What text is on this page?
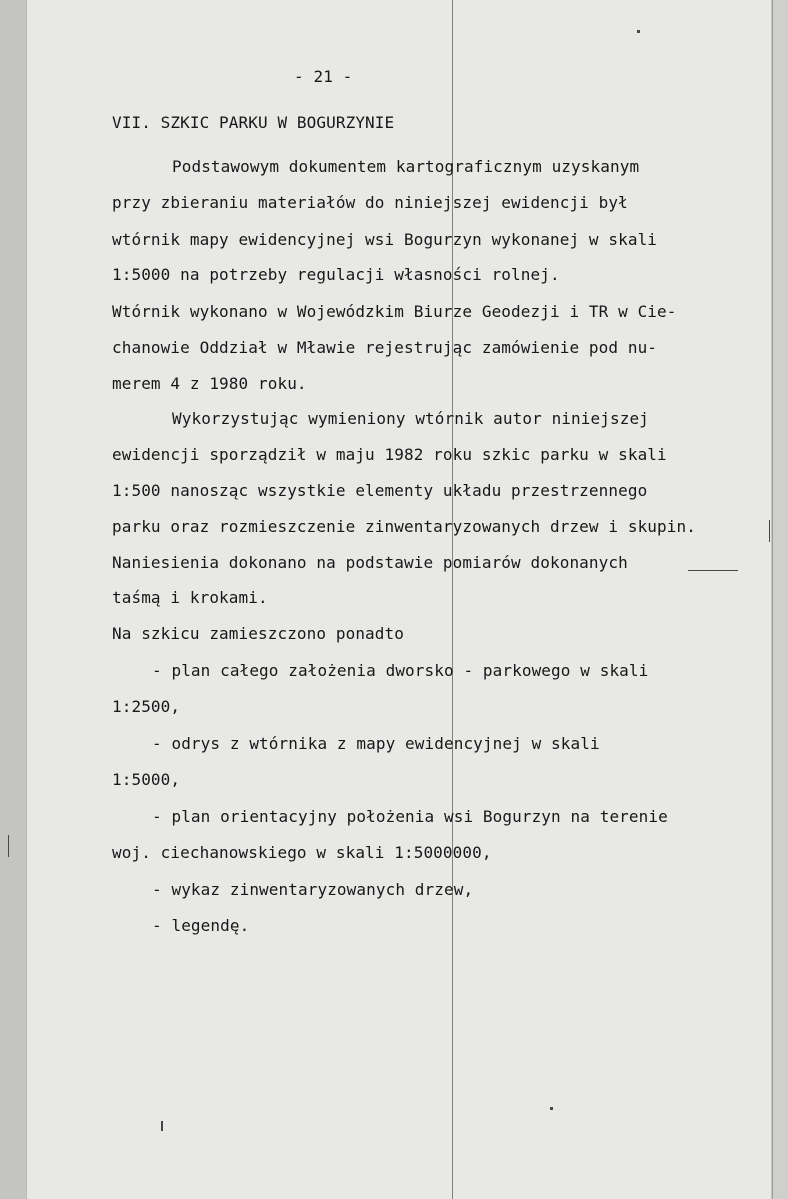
- 21 -
VII. SZKIC PARKU W BOGURZYNIE
Podstawowym dokumentem kartograficznym uzyskanym
przy zbieraniu materiałów do niniejszej ewidencji był
wtórnik mapy ewidencyjnej wsi Bogurzyn wykonanej w skali
1:5000 na potrzeby regulacji własności rolnej.
Wtórnik wykonano w Wojewódzkim Biurze Geodezji i TR w Cie-
chanowie Oddział w Mławie rejestrując zamówienie pod nu-
merem 4 z 1980 roku.
Wykorzystując wymieniony wtórnik autor niniejszej
ewidencji sporządził w maju 1982 roku szkic parku w skali
1:500 nanosząc wszystkie elementy układu przestrzennego
parku oraz rozmieszczenie zinwentaryzowanych drzew i skupin.
Naniesienia dokonano na podstawie pomiarów dokonanych
taśmą i krokami.
Na szkicu zamieszczono ponadto
- plan całego założenia dworsko - parkowego w skali
1:2500,
- odrys z wtórnika z mapy ewidencyjnej w skali
1:5000,
- plan orientacyjny położenia wsi Bogurzyn na terenie
woj. ciechanowskiego w skali 1:5000000,
- wykaz zinwentaryzowanych drzew,
- legendę.
